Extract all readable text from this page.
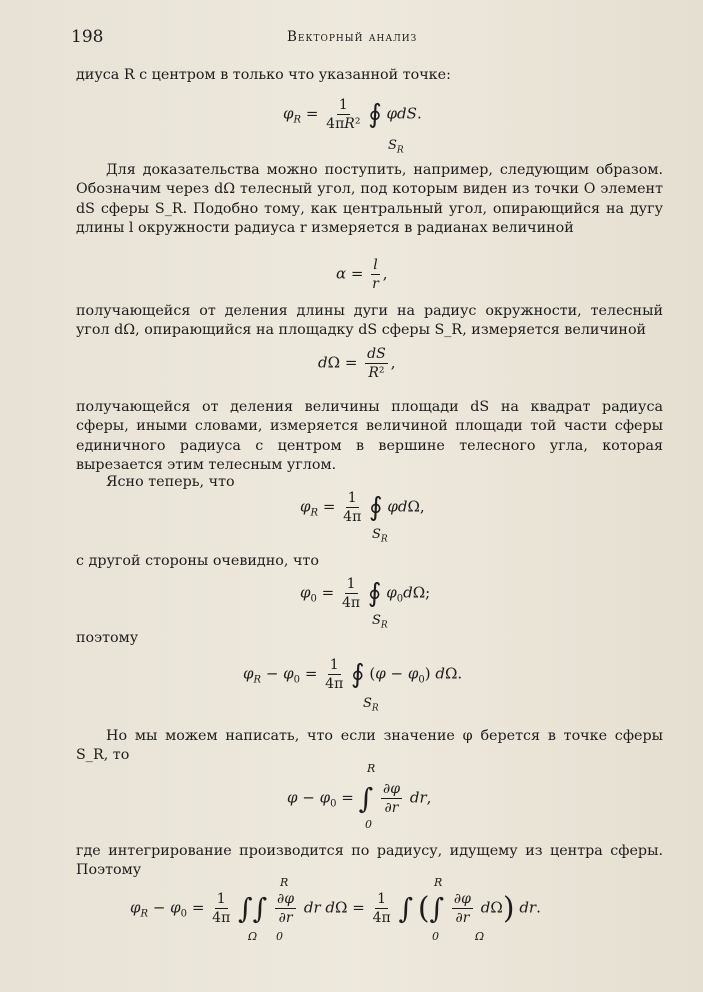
198	Векторный анализ

диуса R с центром в только что указанной точке:

$\varphi_R = \frac{1}{\text{4πR²}}$ ∮ φdS.
$S_R$

Для доказательства можно поступить, например, следующим образом. Обозначим через dΩ телесный угол, под которым виден из точки O элемент dS сферы S_R. Подобно тому, как центральный угол, опирающийся на дугу длины l окружности радиуса r измеряется в радианах величиной

$\alpha = \frac{l}{r}$ ,

получающейся от деления длины дуги на радиус окружности, телесный угол dΩ, опирающийся на площадку dS сферы S_R, измеряется величиной

$d\Omega = \frac{dS}{\text{R²}}$ ,

получающейся от деления величины площади dS на квадрат радиуса сферы, иными словами, измеряется величиной площади той части сферы единичного радиуса с центром в вершине телесного угла, которая вырезается этим телесным углом.

Ясно теперь, что

$\varphi_R = \frac{1}{4\pi}$ ∮ φdΩ,
$S_R$

с другой стороны очевидно, что

$\varphi_0 = \frac{1}{4\pi}$ ∮ $\varphi_0d\Omega$;
$S_R$

поэтому

$\varphi_R - \varphi_0 = \frac{1}{4\pi}$ ∮ $(\varphi - \varphi_0)$ dΩ.
$S_R$

Но мы можем написать, что если значение φ берется в точке сферы S_R, то

$\varphi - \varphi_0$ = ∫ $\frac{\partial\varphi}{\partial r}$ dr,
R
0

где интегрирование производится по радиусу, идущему из центра сферы. Поэтому

$\varphi_R - \varphi_0 = \frac{1}{4\pi}$ ∫∫ $\frac{\partial\varphi}{\partial r}$ dr $d\Omega = \frac{1}{4\pi}$ ∫ (∫ $\frac{\partial\varphi}{\partial r} d\Omega$) dr.
Ω 0
R
0
R
Ω
